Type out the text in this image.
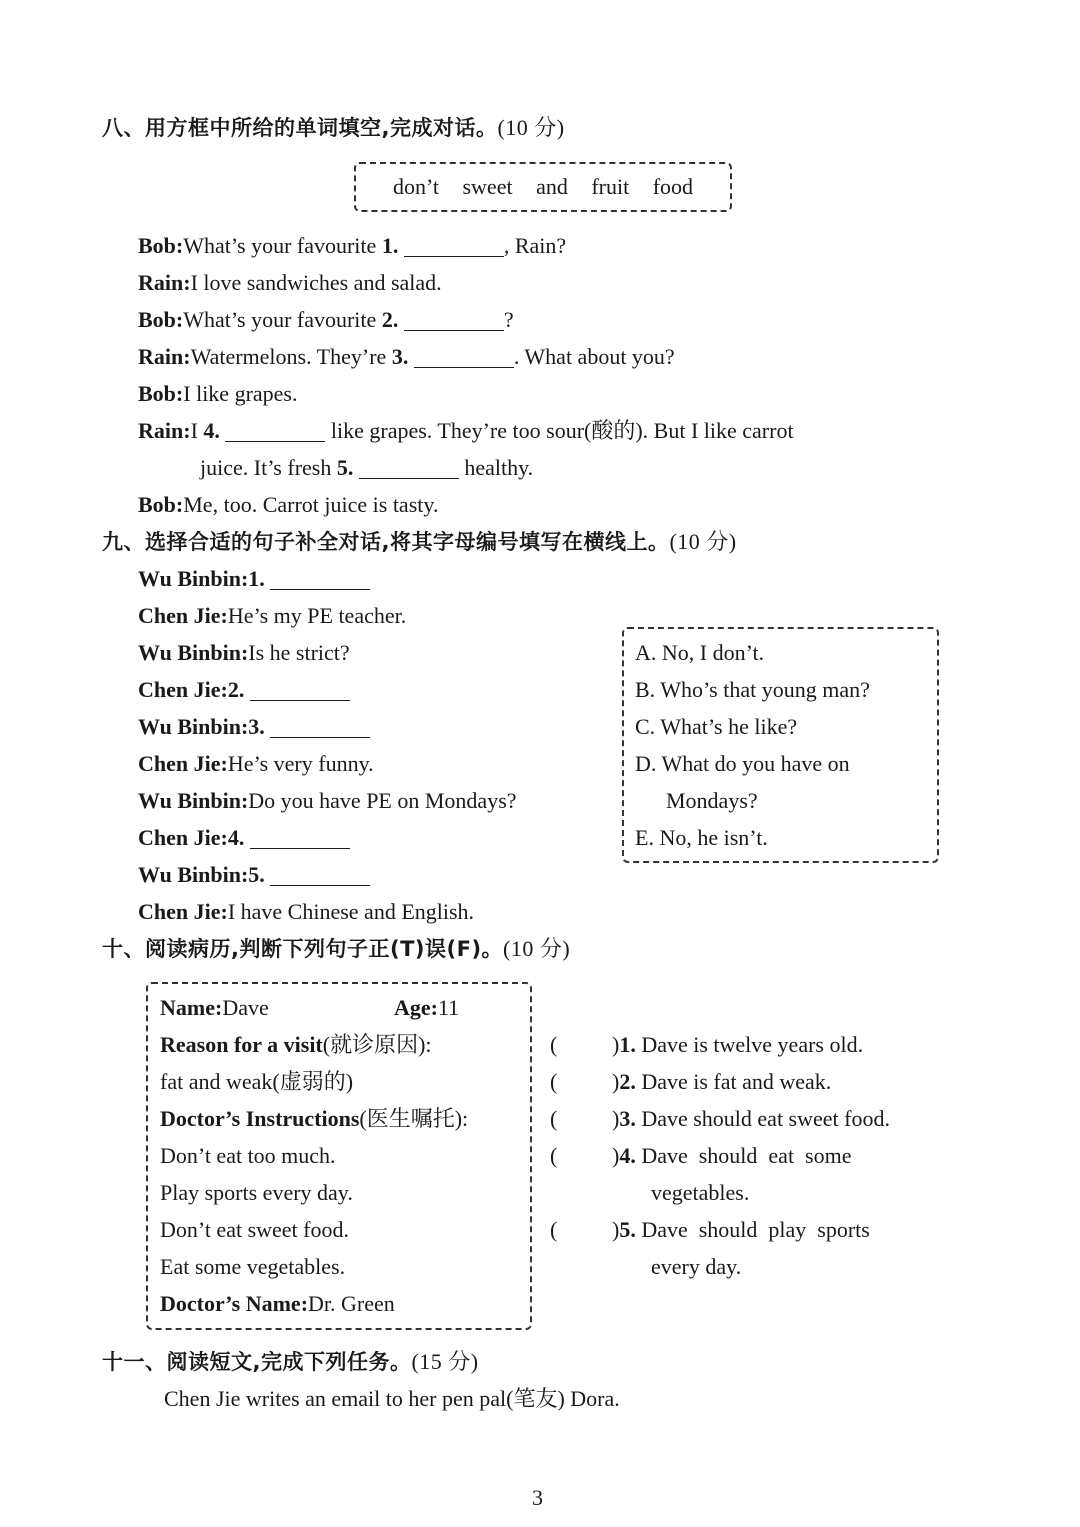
八、用方框中所给的单词填空,完成对话。(10 分)
don’t sweet and fruit food
Bob:What’s your favourite 1.	, Rain?
Rain:I love sandwiches and salad.
Bob:What’s your favourite 2.	?
Rain:Watermelons. They’re 3.	. What about you?
Bob:I like grapes.
Rain:I 4.	like grapes. They’re too sour(酸的). But I like carrot
juice. It’s fresh 5.	healthy.
Bob:Me, too. Carrot juice is tasty.
九、选择合适的句子补全对话,将其字母编号填写在横线上。(10 分)
Wu Binbin:1.
Chen Jie:He’s my PE teacher.
Wu Binbin:Is he strict?
Chen Jie:2.
Wu Binbin:3.
Chen Jie:He’s very funny.
Wu Binbin:Do you have PE on Mondays?
Chen Jie:4.
Wu Binbin:5.
Chen Jie:I have Chinese and English.
A. No, I don’t.
B. Who’s that young man?
C. What’s he like?
D. What do you have on
Mondays?
E. No, he isn’t.
十、阅读病历,判断下列句子正(T)误(F)。(10 分)
Name:Dave	Age:11
Reason for a visit(就诊原因):
fat and weak(虚弱的)
Doctor’s Instructions(医生嘱托):
Don’t eat too much.
Play sports every day.
Don’t eat sweet food.
Eat some vegetables.
Doctor’s Name:Dr. Green
( )1. Dave is twelve years old.
( )2. Dave is fat and weak.
( )3. Dave should eat sweet food.
( )4. Dave  should  eat  some
vegetables.
( )5. Dave  should  play  sports
every day.
十一、阅读短文,完成下列任务。(15 分)
Chen Jie writes an email to her pen pal(笔友) Dora.
3
